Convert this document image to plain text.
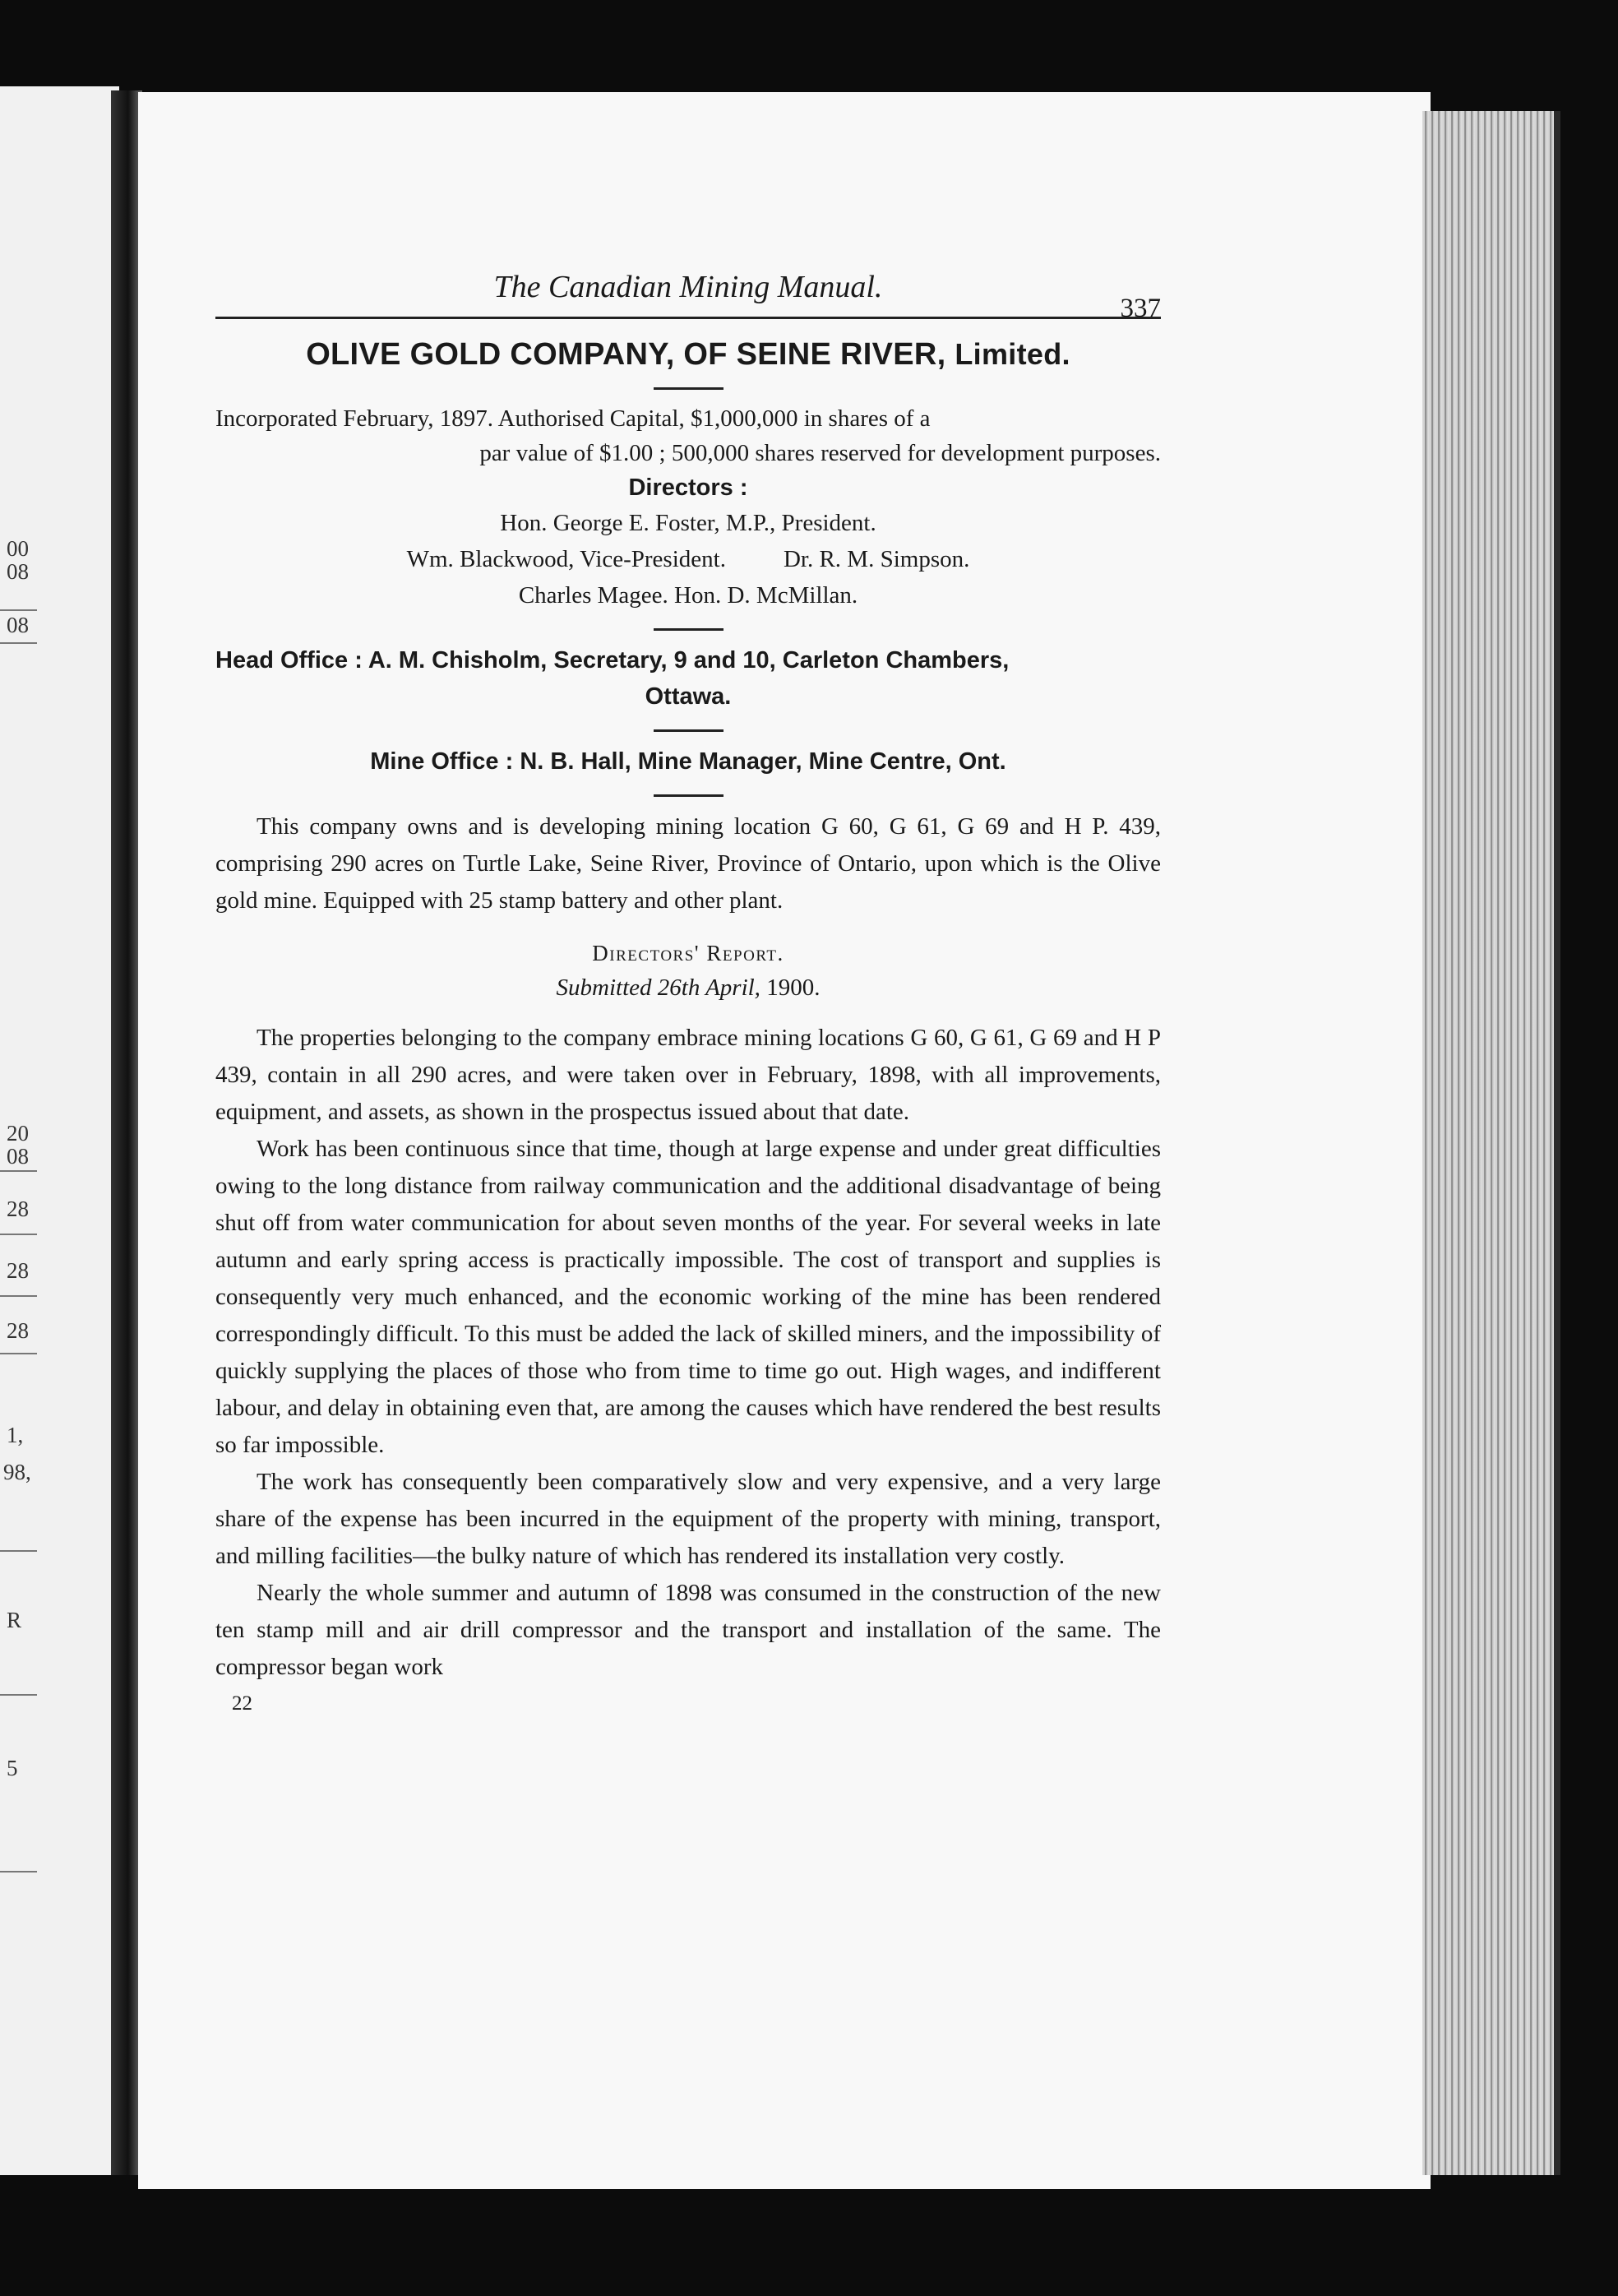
00
08
08
20
08
28
28
28
1,
98,
R
5
The Canadian Mining Manual.
337
OLIVE GOLD COMPANY, OF SEINE RIVER, Limited.
Incorporated February, 1897. Authorised Capital, $1,000,000 in shares of a
par value of $1.00 ; 500,000 shares reserved for development purposes.
Directors :
Hon. George E. Foster, M.P., President.
Wm. Blackwood, Vice-President. Dr. R. M. Simpson.
Charles Magee. Hon. D. McMillan.
Head Office : A. M. Chisholm, Secretary, 9 and 10, Carleton Chambers,
Ottawa.
Mine Office : N. B. Hall, Mine Manager, Mine Centre, Ont.

This company owns and is developing mining location G 60, G 61, G 69 and H P. 439, comprising 290 acres on Turtle Lake, Seine River, Province of Ontario, upon which is the Olive gold mine. Equipped with 25 stamp battery and other plant.

Directors' Report.
Submitted 26th April, 1900.

The properties belonging to the company embrace mining locations G 60, G 61, G 69 and H P 439, contain in all 290 acres, and were taken over in February, 1898, with all improvements, equipment, and assets, as shown in the prospectus issued about that date.

Work has been continuous since that time, though at large expense and under great difficulties owing to the long distance from railway communication and the additional disadvantage of being shut off from water communication for about seven months of the year. For several weeks in late autumn and early spring access is practically impossible. The cost of transport and supplies is consequently very much enhanced, and the economic working of the mine has been rendered correspondingly difficult. To this must be added the lack of skilled miners, and the impossibility of quickly supplying the places of those who from time to time go out. High wages, and indifferent labour, and delay in obtaining even that, are among the causes which have rendered the best results so far impossible.

The work has consequently been comparatively slow and very expensive, and a very large share of the expense has been incurred in the equipment of the property with mining, transport, and milling facilities—the bulky nature of which has rendered its installation very costly.

Nearly the whole summer and autumn of 1898 was consumed in the construction of the new ten stamp mill and air drill compressor and the transport and installation of the same. The compressor began work

22
